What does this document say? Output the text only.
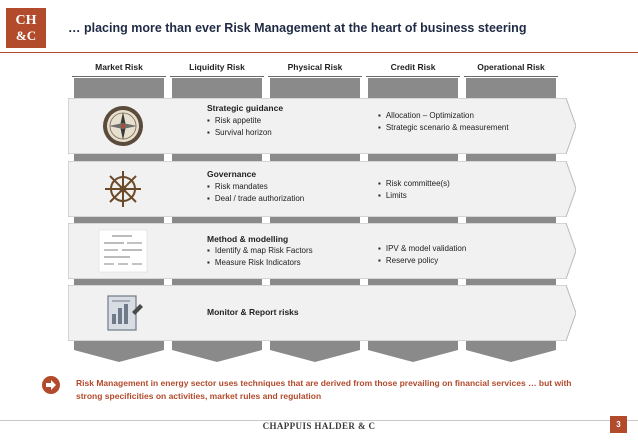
CH
&C	… placing more than ever Risk Management at the heart of business steering
Market Risk	Liquidity Risk	Physical Risk	Credit Risk	Operational Risk
Strategic guidance
▪ Risk appetite
▪ Survival horizon
▪ Allocation – Optimization
▪ Strategic scenario & measurement
Governance
▪ Risk mandates
▪ Deal / trade authorization
▪ Risk committee(s)
▪ Limits
Method & modelling
▪ Identify & map Risk Factors
▪ Measure Risk Indicators
▪ IPV & model validation
▪ Reserve policy
Monitor & Report risks
Risk Management in energy sector uses techniques that are derived from those prevailing on financial services … but with strong specificities on activities, market rules and regulation
CHAPPUIS HALDER & C	3
